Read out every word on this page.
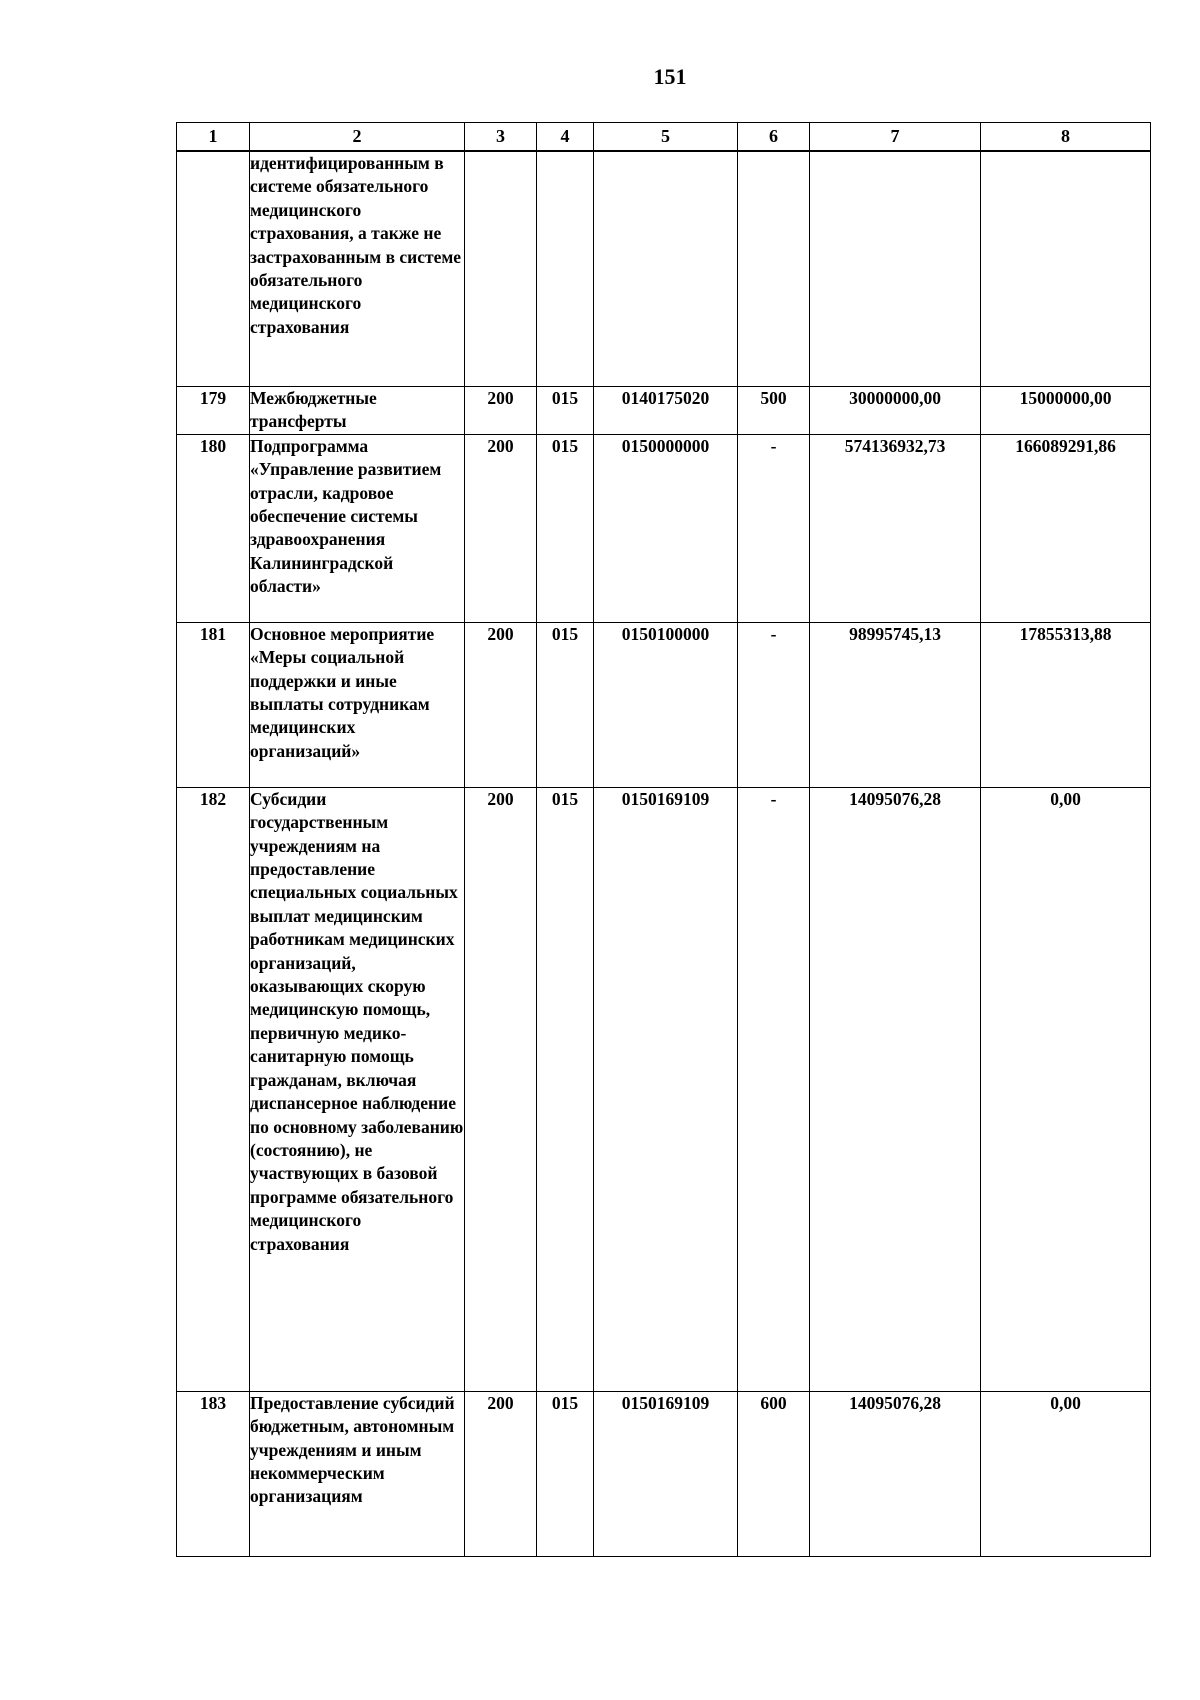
151
1	2	3	4	5	6	7	8

	идентифицированным в системе обязательного медицинского страхования, а также не застрахованным в системе обязательного медицинского страхования						

179	Межбюджетные трансферты	200	015	0140175020	500	30000000,00	15000000,00
180	Подпрограмма «Управление развитием отрасли, кадровое обеспечение системы здравоохранения Калининградской области»	200	015	0150000000	-	574136932,73	166089291,86
181	Основное мероприятие «Меры социальной поддержки и иные выплаты сотрудникам медицинских организаций»	200	015	0150100000	-	98995745,13	17855313,88
182	Субсидии государственным учреждениям на предоставление специальных социальных выплат медицинским работникам медицинских организаций, оказывающих скорую медицинскую помощь, первичную медико-санитарную помощь гражданам, включая диспансерное наблюдение по основному заболеванию (состоянию), не участвующих в базовой программе обязательного медицинского страхования	200	015	0150169109	-	14095076,28	0,00
183	Предоставление субсидий бюджетным, автономным учреждениям и иным некоммерческим организациям	200	015	0150169109	600	14095076,28	0,00
